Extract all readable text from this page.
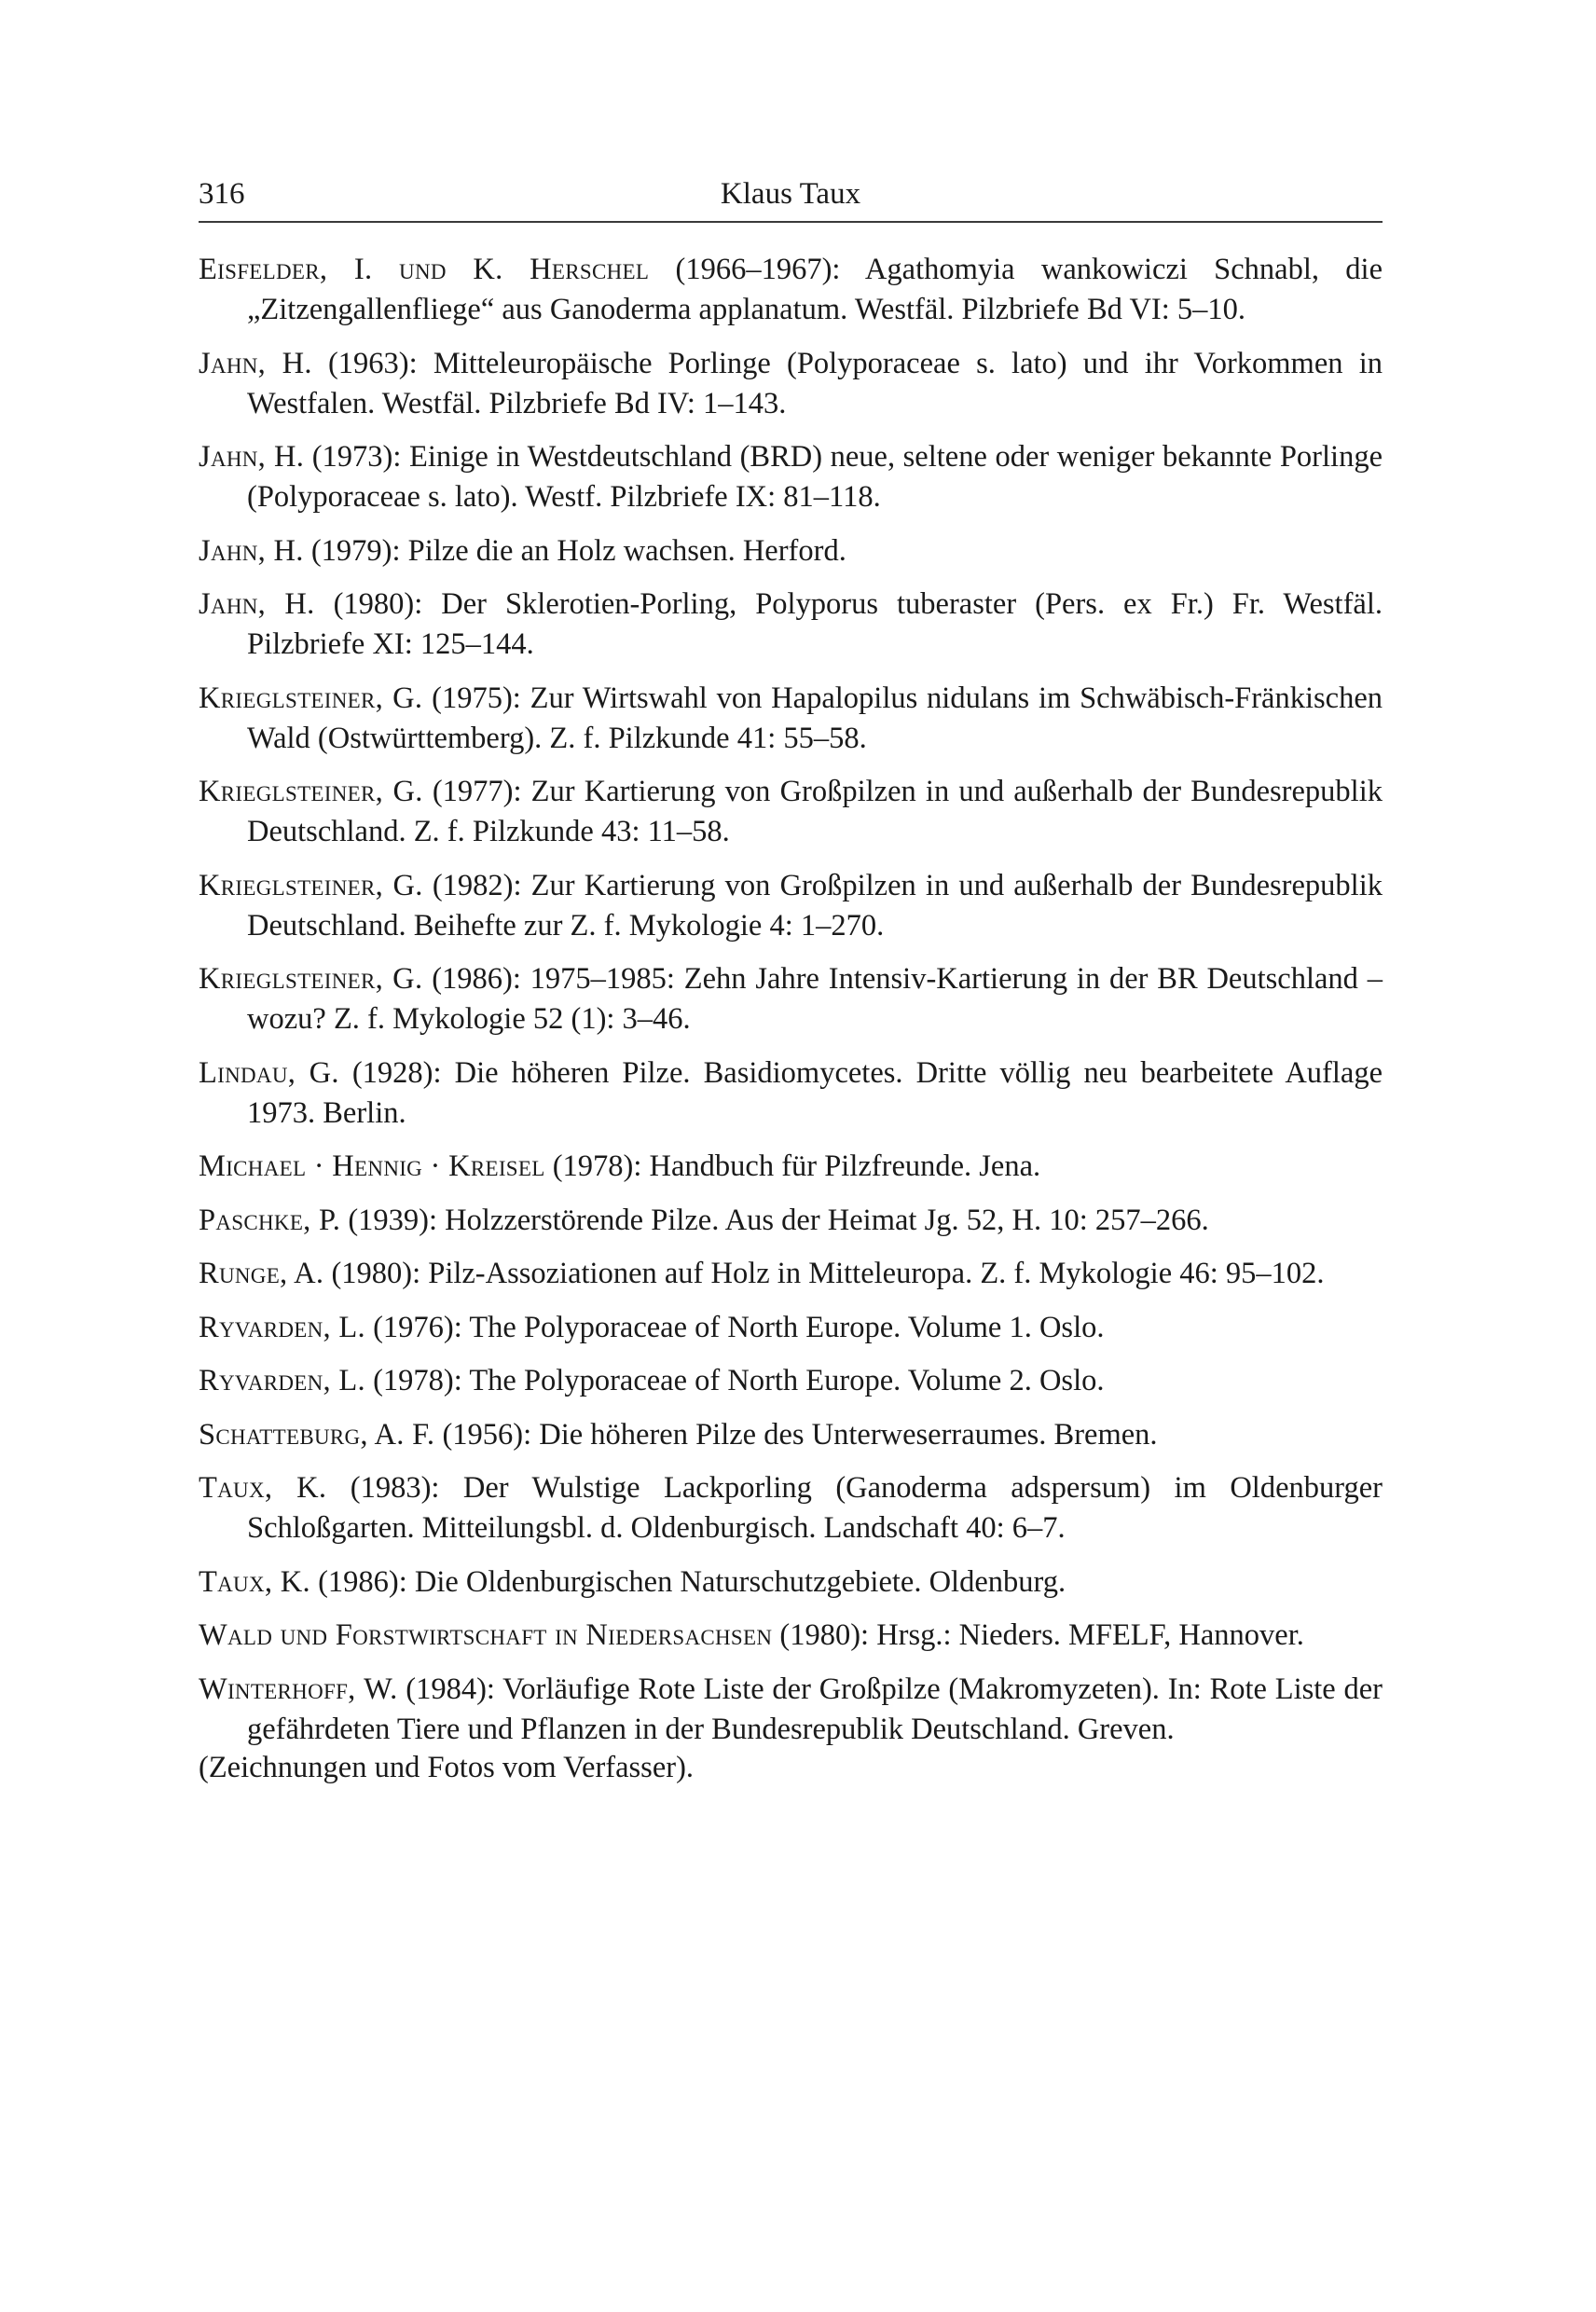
316	Klaus Taux
Eisfelder, I. und K. Herschel (1966–1967): Agathomyia wankowiczi Schnabl, die „Zitzengallenfliege“ aus Ganoderma applanatum. Westfäl. Pilzbriefe Bd VI: 5–10.
Jahn, H. (1963): Mitteleuropäische Porlinge (Polyporaceae s. lato) und ihr Vorkommen in Westfalen. Westfäl. Pilzbriefe Bd IV: 1–143.
Jahn, H. (1973): Einige in Westdeutschland (BRD) neue, seltene oder weniger bekannte Porlinge (Polyporaceae s. lato). Westf. Pilzbriefe IX: 81–118.
Jahn, H. (1979): Pilze die an Holz wachsen. Herford.
Jahn, H. (1980): Der Sklerotien-Porling, Polyporus tuberaster (Pers. ex Fr.) Fr. Westfäl. Pilzbriefe XI: 125–144.
Krieglsteiner, G. (1975): Zur Wirtswahl von Hapalopilus nidulans im Schwäbisch-Fränkischen Wald (Ostwürttemberg). Z. f. Pilzkunde 41: 55–58.
Krieglsteiner, G. (1977): Zur Kartierung von Großpilzen in und außerhalb der Bundesrepublik Deutschland. Z. f. Pilzkunde 43: 11–58.
Krieglsteiner, G. (1982): Zur Kartierung von Großpilzen in und außerhalb der Bundesrepublik Deutschland. Beihefte zur Z. f. Mykologie 4: 1–270.
Krieglsteiner, G. (1986): 1975–1985: Zehn Jahre Intensiv-Kartierung in der BR Deutschland – wozu? Z. f. Mykologie 52 (1): 3–46.
Lindau, G. (1928): Die höheren Pilze. Basidiomycetes. Dritte völlig neu bearbeitete Auflage 1973. Berlin.
Michael · Hennig · Kreisel (1978): Handbuch für Pilzfreunde. Jena.
Paschke, P. (1939): Holzzerstörende Pilze. Aus der Heimat Jg. 52, H. 10: 257–266.
Runge, A. (1980): Pilz-Assoziationen auf Holz in Mitteleuropa. Z. f. Mykologie 46: 95–102.
Ryvarden, L. (1976): The Polyporaceae of North Europe. Volume 1. Oslo.
Ryvarden, L. (1978): The Polyporaceae of North Europe. Volume 2. Oslo.
Schatteburg, A. F. (1956): Die höheren Pilze des Unterweserraumes. Bremen.
Taux, K. (1983): Der Wulstige Lackporling (Ganoderma adspersum) im Oldenburger Schloßgarten. Mitteilungsbl. d. Oldenburgisch. Landschaft 40: 6–7.
Taux, K. (1986): Die Oldenburgischen Naturschutzgebiete. Oldenburg.
Wald und Forstwirtschaft in Niedersachsen (1980): Hrsg.: Nieders. MFELF, Hannover.
Winterhoff, W. (1984): Vorläufige Rote Liste der Großpilze (Makromyzeten). In: Rote Liste der gefährdeten Tiere und Pflanzen in der Bundesrepublik Deutschland. Greven.
(Zeichnungen und Fotos vom Verfasser).
